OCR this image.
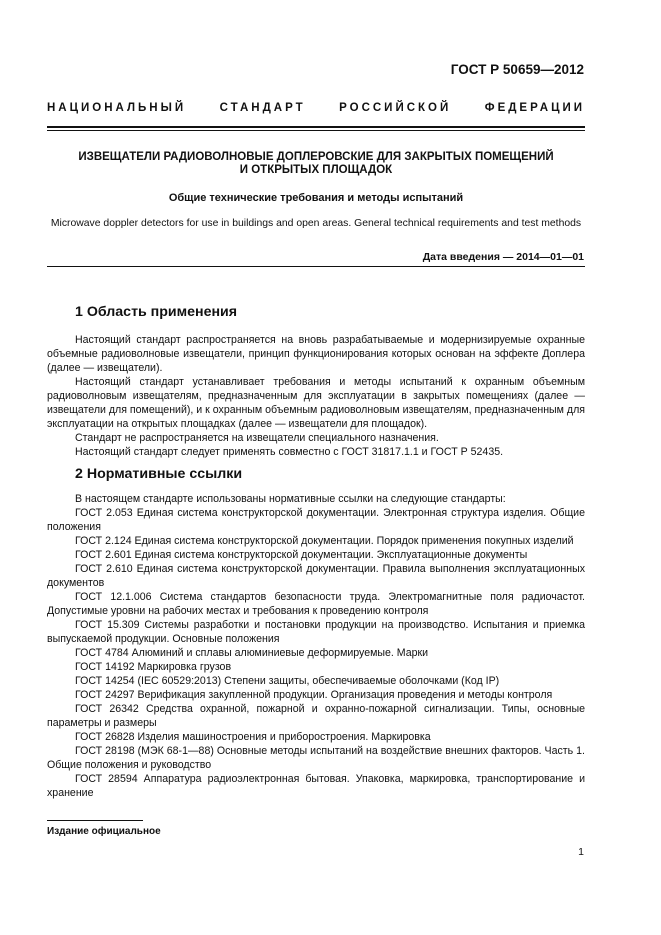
ГОСТ Р 50659—2012
НАЦИОНАЛЬНЫЙ СТАНДАРТ РОССИЙСКОЙ ФЕДЕРАЦИИ
ИЗВЕЩАТЕЛИ РАДИОВОЛНОВЫЕ ДОПЛЕРОВСКИЕ ДЛЯ ЗАКРЫТЫХ ПОМЕЩЕНИЙ
И ОТКРЫТЫХ ПЛОЩАДОК
Общие технические требования и методы испытаний
Microwave doppler detectors for use in buildings and open areas. General technical requirements and test methods
Дата введения — 2014—01—01
1 Область применения

Настоящий стандарт распространяется на вновь разрабатываемые и модернизируемые охранные объемные радиоволновые извещатели, принцип функционирования которых основан на эффекте Доплера (далее — извещатели).

Настоящий стандарт устанавливает требования и методы испытаний к охранным объемным радиоволновым извещателям, предназначенным для эксплуатации в закрытых помещениях (далее — извещатели для помещений), и к охранным объемным радиоволновым извещателям, предназначенным для эксплуатации на открытых площадках (далее — извещатели для площадок).

Стандарт не распространяется на извещатели специального назначения.

Настоящий стандарт следует применять совместно с ГОСТ 31817.1.1 и ГОСТ Р 52435.

2 Нормативные ссылки

В настоящем стандарте использованы нормативные ссылки на следующие стандарты:

ГОСТ 2.053 Единая система конструкторской документации. Электронная структура изделия. Общие положения

ГОСТ 2.124 Единая система конструкторской документации. Порядок применения покупных изделий

ГОСТ 2.601 Единая система конструкторской документации. Эксплуатационные документы

ГОСТ 2.610 Единая система конструкторской документации. Правила выполнения эксплуатационных документов

ГОСТ 12.1.006 Система стандартов безопасности труда. Электромагнитные поля радиочастот. Допустимые уровни на рабочих местах и требования к проведению контроля

ГОСТ 15.309 Системы разработки и постановки продукции на производство. Испытания и приемка выпускаемой продукции. Основные положения

ГОСТ 4784 Алюминий и сплавы алюминиевые деформируемые. Марки

ГОСТ 14192 Маркировка грузов

ГОСТ 14254 (IEC 60529:2013) Степени защиты, обеспечиваемые оболочками (Код IP)

ГОСТ 24297 Верификация закупленной продукции. Организация проведения и методы контроля

ГОСТ 26342 Средства охранной, пожарной и охранно-пожарной сигнализации. Типы, основные параметры и размеры

ГОСТ 26828 Изделия машиностроения и приборостроения. Маркировка

ГОСТ 28198 (МЭК 68-1—88) Основные методы испытаний на воздействие внешних факторов. Часть 1. Общие положения и руководство

ГОСТ 28594 Аппаратура радиоэлектронная бытовая. Упаковка, маркировка, транспортирование и хранение

Издание официальное
1
